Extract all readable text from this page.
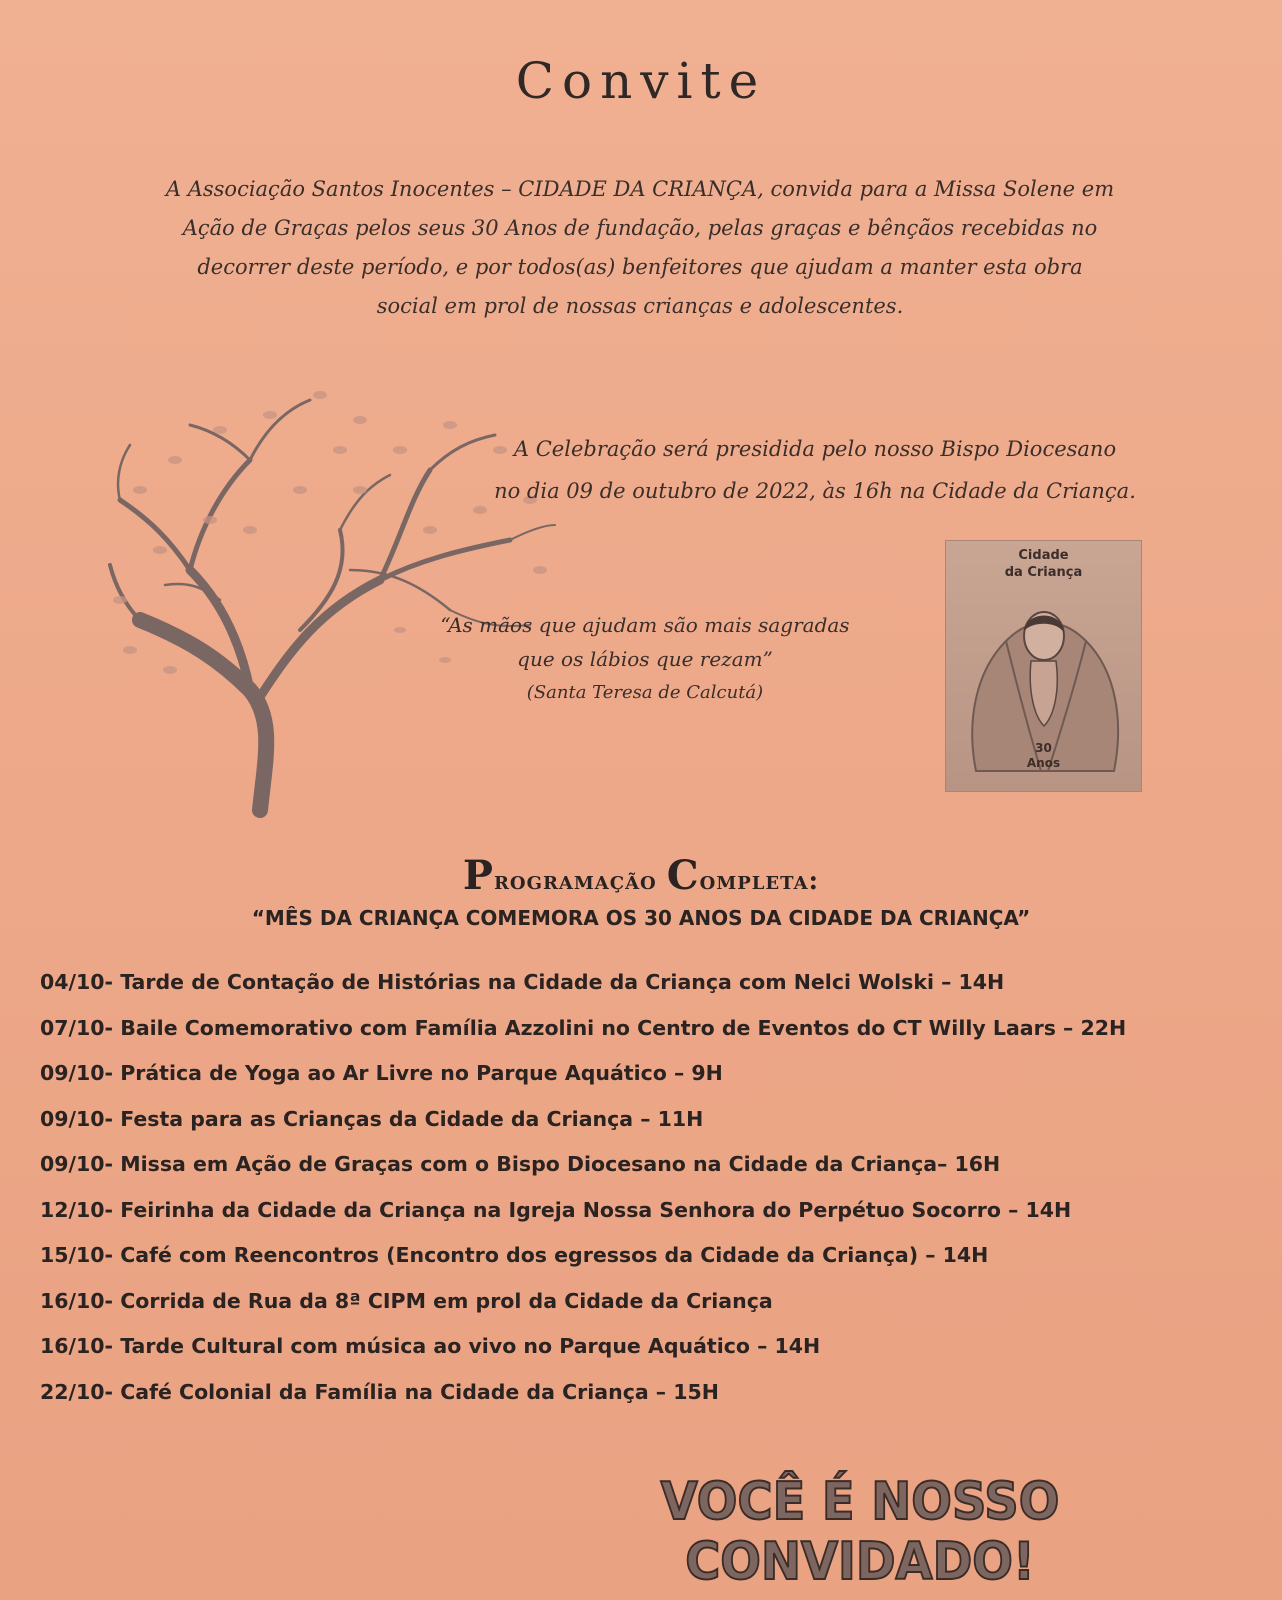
Convite
A Associação Santos Inocentes – CIDADE DA CRIANÇA, convida para a Missa Solene em
Ação de Graças pelos seus 30 Anos de fundação, pelas graças e bênçãos recebidas no
decorrer deste período, e por todos(as) benfeitores que ajudam a manter esta obra
social em prol de nossas crianças e adolescentes.
A Celebração será presidida pelo nosso Bispo Diocesano
no dia 09 de outubro de 2022, às 16h na Cidade da Criança.
“As mãos que ajudam são mais sagradas
que os lábios que rezam”
(Santa Teresa de Calcutá)
Cidade
da Criança
30
Anos
Programação Completa:
“MÊS DA CRIANÇA COMEMORA OS 30 ANOS DA CIDADE DA CRIANÇA”
04/10- Tarde de Contação de Histórias na Cidade da Criança com Nelci Wolski – 14H
07/10- Baile Comemorativo com Família Azzolini no Centro de Eventos do CT Willy Laars – 22H
09/10- Prática de Yoga ao Ar Livre no Parque Aquático – 9H
09/10- Festa para as Crianças da Cidade da Criança – 11H
09/10- Missa em Ação de Graças com o Bispo Diocesano na Cidade da Criança– 16H
12/10- Feirinha da Cidade da Criança na Igreja Nossa Senhora do Perpétuo Socorro – 14H
15/10- Café com Reencontros (Encontro dos egressos da Cidade da Criança) – 14H
16/10- Corrida de Rua da 8ª CIPM em prol da Cidade da Criança
16/10- Tarde Cultural com música ao vivo no Parque Aquático – 14H
22/10- Café Colonial da Família na Cidade da Criança – 15H
VOCÊ É NOSSO CONVIDADO!
